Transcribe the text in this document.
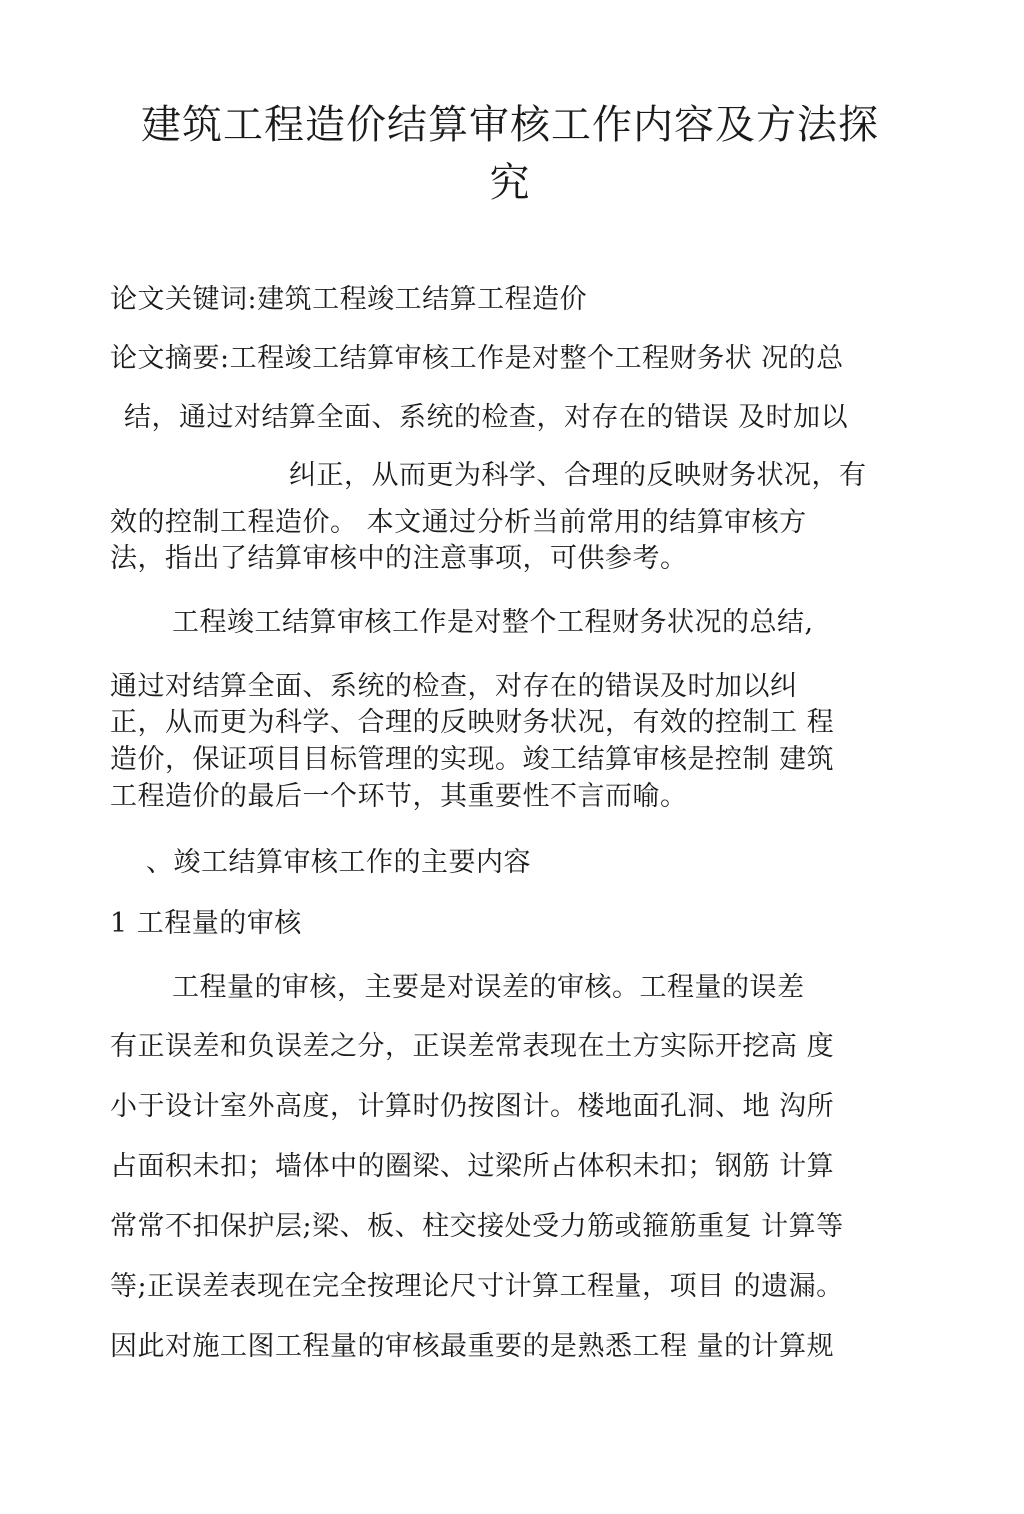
建筑工程造价结算审核工作内容及方法探
究
论文关键词:建筑工程竣工结算工程造价
论文摘要:工程竣工结算审核工作是对整个工程财务状 况的总
结，通过对结算全面、系统的检查，对存在的错误 及时加以
纠正，从而更为科学、合理的反映财务状况，有
效的控制工程造价。 本文通过分析当前常用的结算审核方
法，指出了结算审核中的注意事项，可供参考。
工程竣工结算审核工作是对整个工程财务状况的总结,
通过对结算全面、系统的检查，对存在的错误及时加以纠
正，从而更为科学、合理的反映财务状况，有效的控制工 程
造价，保证项目目标管理的实现。竣工结算审核是控制 建筑
工程造价的最后一个环节，其重要性不言而喻。
、竣工结算审核工作的主要内容
1 工程量的审核
工程量的审核，主要是对误差的审核。工程量的误差
有正误差和负误差之分，正误差常表现在土方实际开挖高 度
小于设计室外高度，计算时仍按图计。楼地面孔洞、地 沟所
占面积未扣；墙体中的圈梁、过梁所占体积未扣；钢筋 计算
常常不扣保护层;梁、板、柱交接处受力筋或箍筋重复 计算等
等;正误差表现在完全按理论尺寸计算工程量，项目 的遗漏。
因此对施工图工程量的审核最重要的是熟悉工程 量的计算规
